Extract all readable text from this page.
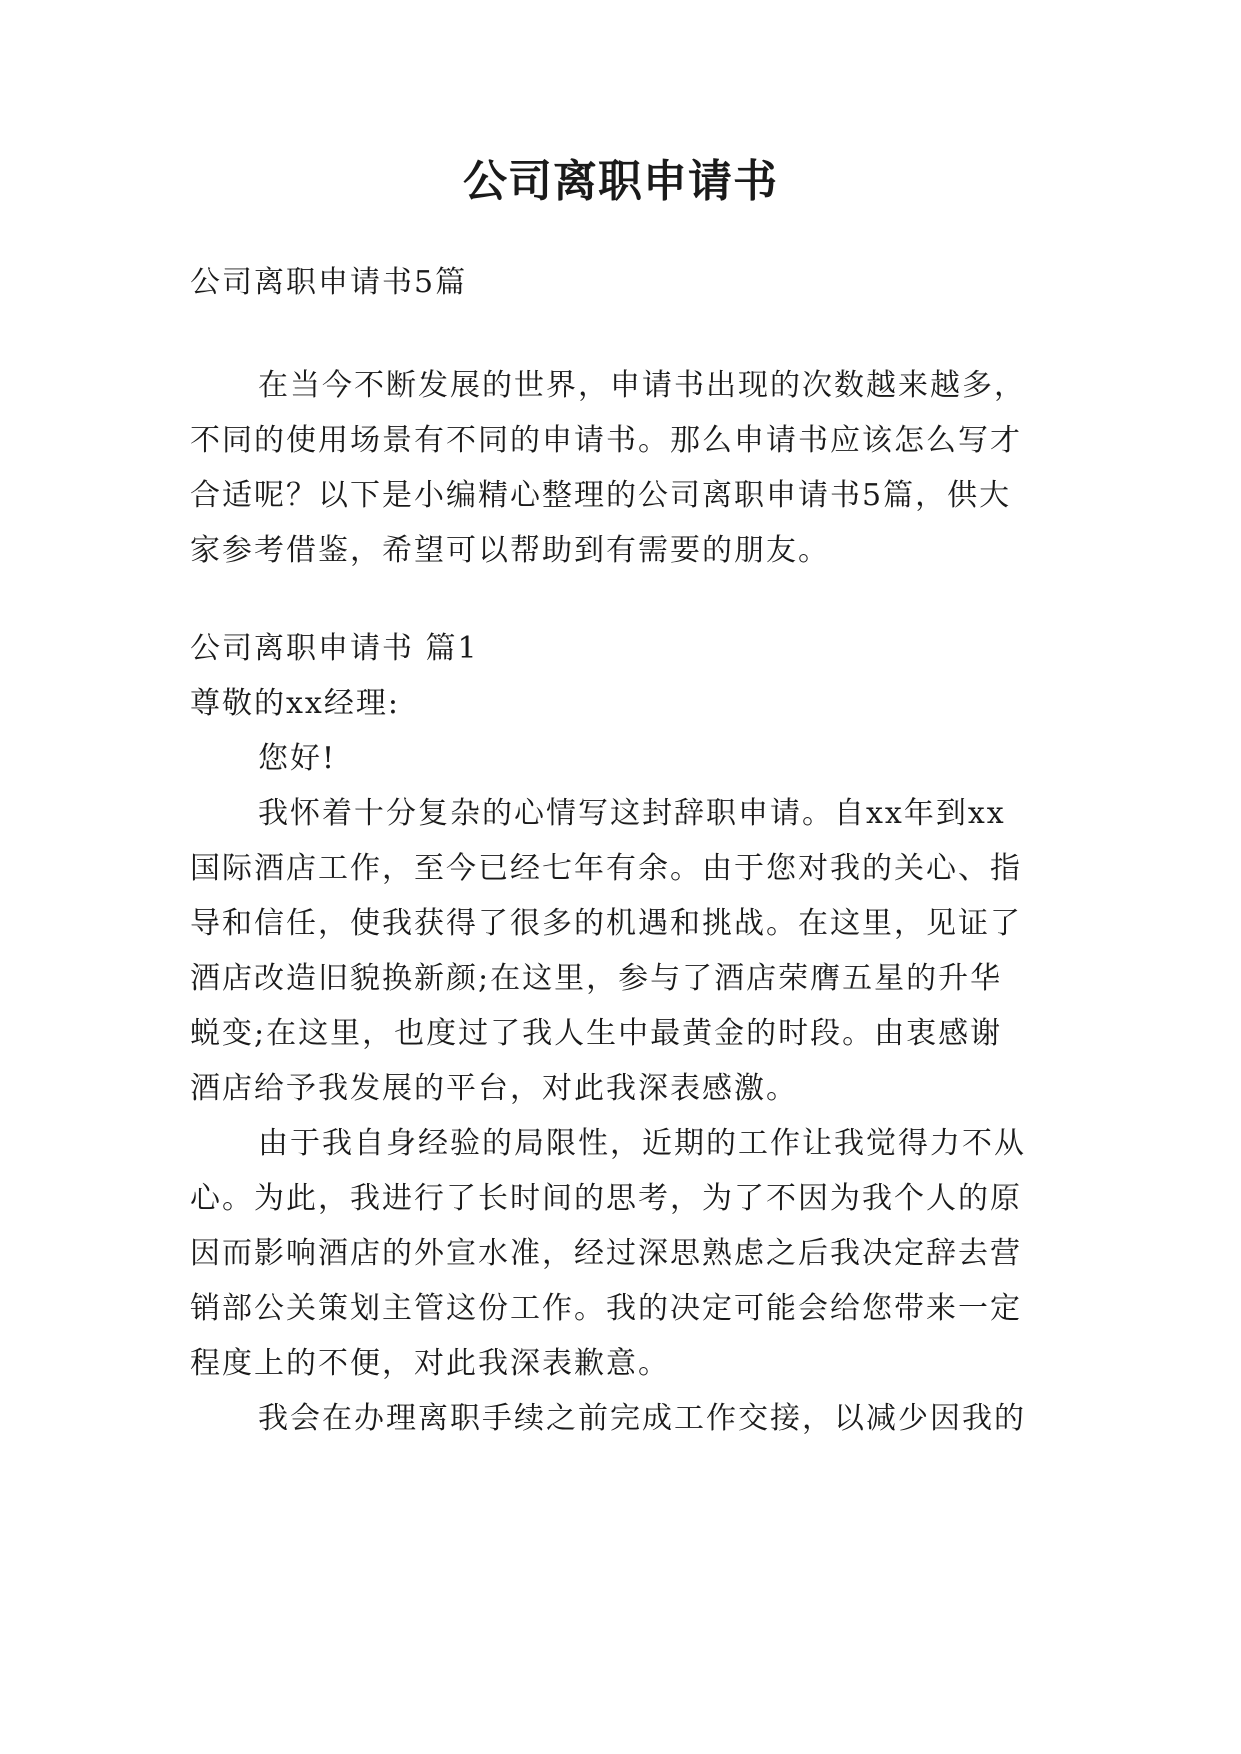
公司离职申请书
公司离职申请书5篇
在当今不断发展的世界，申请书出现的次数越来越多，
不同的使用场景有不同的申请书。那么申请书应该怎么写才
合适呢？以下是小编精心整理的公司离职申请书5篇，供大
家参考借鉴，希望可以帮助到有需要的朋友。
公司离职申请书 篇1
尊敬的xx经理:
您好!
我怀着十分复杂的心情写这封辞职申请。自xx年到xx
国际酒店工作，至今已经七年有余。由于您对我的关心、指
导和信任，使我获得了很多的机遇和挑战。在这里，见证了
酒店改造旧貌换新颜;在这里，参与了酒店荣膺五星的升华
蜕变;在这里，也度过了我人生中最黄金的时段。由衷感谢
酒店给予我发展的平台，对此我深表感激。
由于我自身经验的局限性，近期的工作让我觉得力不从
心。为此，我进行了长时间的思考，为了不因为我个人的原
因而影响酒店的外宣水准，经过深思熟虑之后我决定辞去营
销部公关策划主管这份工作。我的决定可能会给您带来一定
程度上的不便，对此我深表歉意。
我会在办理离职手续之前完成工作交接，以减少因我的
